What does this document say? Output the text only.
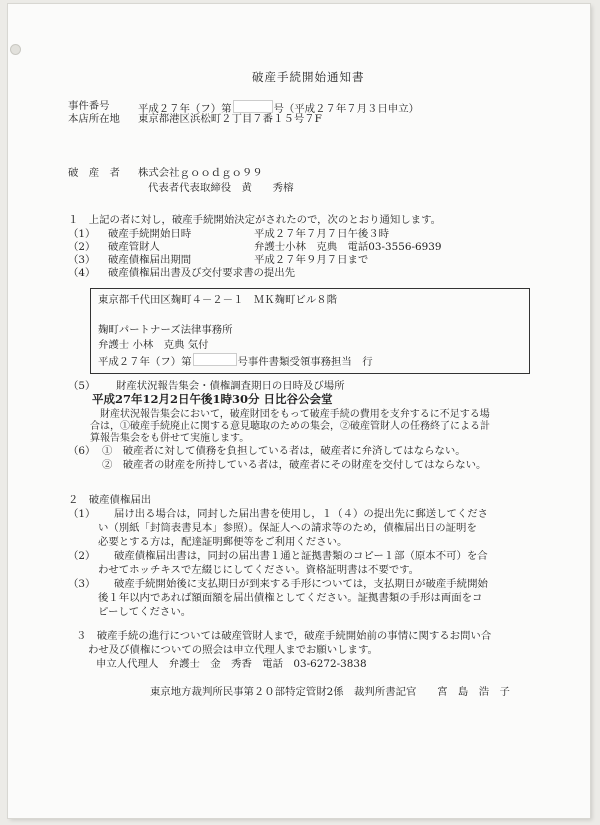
破産手続開始通知書
事件番号	平成２７年（フ）第	号（平成２７年７月３日申立）
本店所在地 東京都港区浜松町２丁目７番１５号７F
破　産　者 株式会社ｇｏｏｄｇｏ９９
代表者代表取締役　黄　　秀榕
１　上記の者に対し，破産手続開始決定がされたので，次のとおり通知します。
（1） 破産手続開始日時	平成２７年７月７日午後３時
（2） 破産管財人	弁護士小林　克典　電話03-3556-6939
（3） 破産債権届出期間	平成２７年９月７日まで
（4） 破産債権届出書及び交付要求書の提出先
東京都千代田区麹町４－２－１　ＭＫ麹町ビル８階
麹町パートナーズ法律事務所
弁護士 小林　克典 気付
平成２７年（フ）第	号事件書類受領事務担当　行
（5） 財産状況報告集会・債権調査期日の日時及び場所
平成27年12月2日午後1時30分 日比谷公会堂
財産状況報告集会において，破産財団をもって破産手続の費用を支弁するに不足する場
合は，①破産手続廃止に関する意見聴取のための集会，②破産管財人の任務終了による計
算報告集会をも併せて実施します。
（6） ①　破産者に対して債務を負担している者は，破産者に弁済してはならない。
②　破産者の財産を所持している者は，破産者にその財産を交付してはならない。
２　破産債権届出
（1） 届け出る場合は，同封した届出書を使用し，１（４）の提出先に郵送してくださ
い（別紙「封筒表書見本」参照）。保証人への請求等のため，債権届出日の証明を
必要とする方は，配達証明郵便等をご利用ください。
（2） 破産債権届出書は，同封の届出書１通と証拠書類のコピー１部（原本不可）を合
わせてホッチキスで左綴じにしてください。資格証明書は不要です。
（3） 破産手続開始後に支払期日が到来する手形については，支払期日が破産手続開始
後１年以内であれば額面額を届出債権としてください。証拠書類の手形は両面をコ
ピーしてください。
３　破産手続の進行については破産管財人まで，破産手続開始前の事情に関するお問い合
わせ及び債権についての照会は申立代理人までお願いします。
申立人代理人　弁護士　金　秀香　電話　03-6272-3838
東京地方裁判所民事第２０部特定管財2係　裁判所書記官　　宮　島　浩　子
